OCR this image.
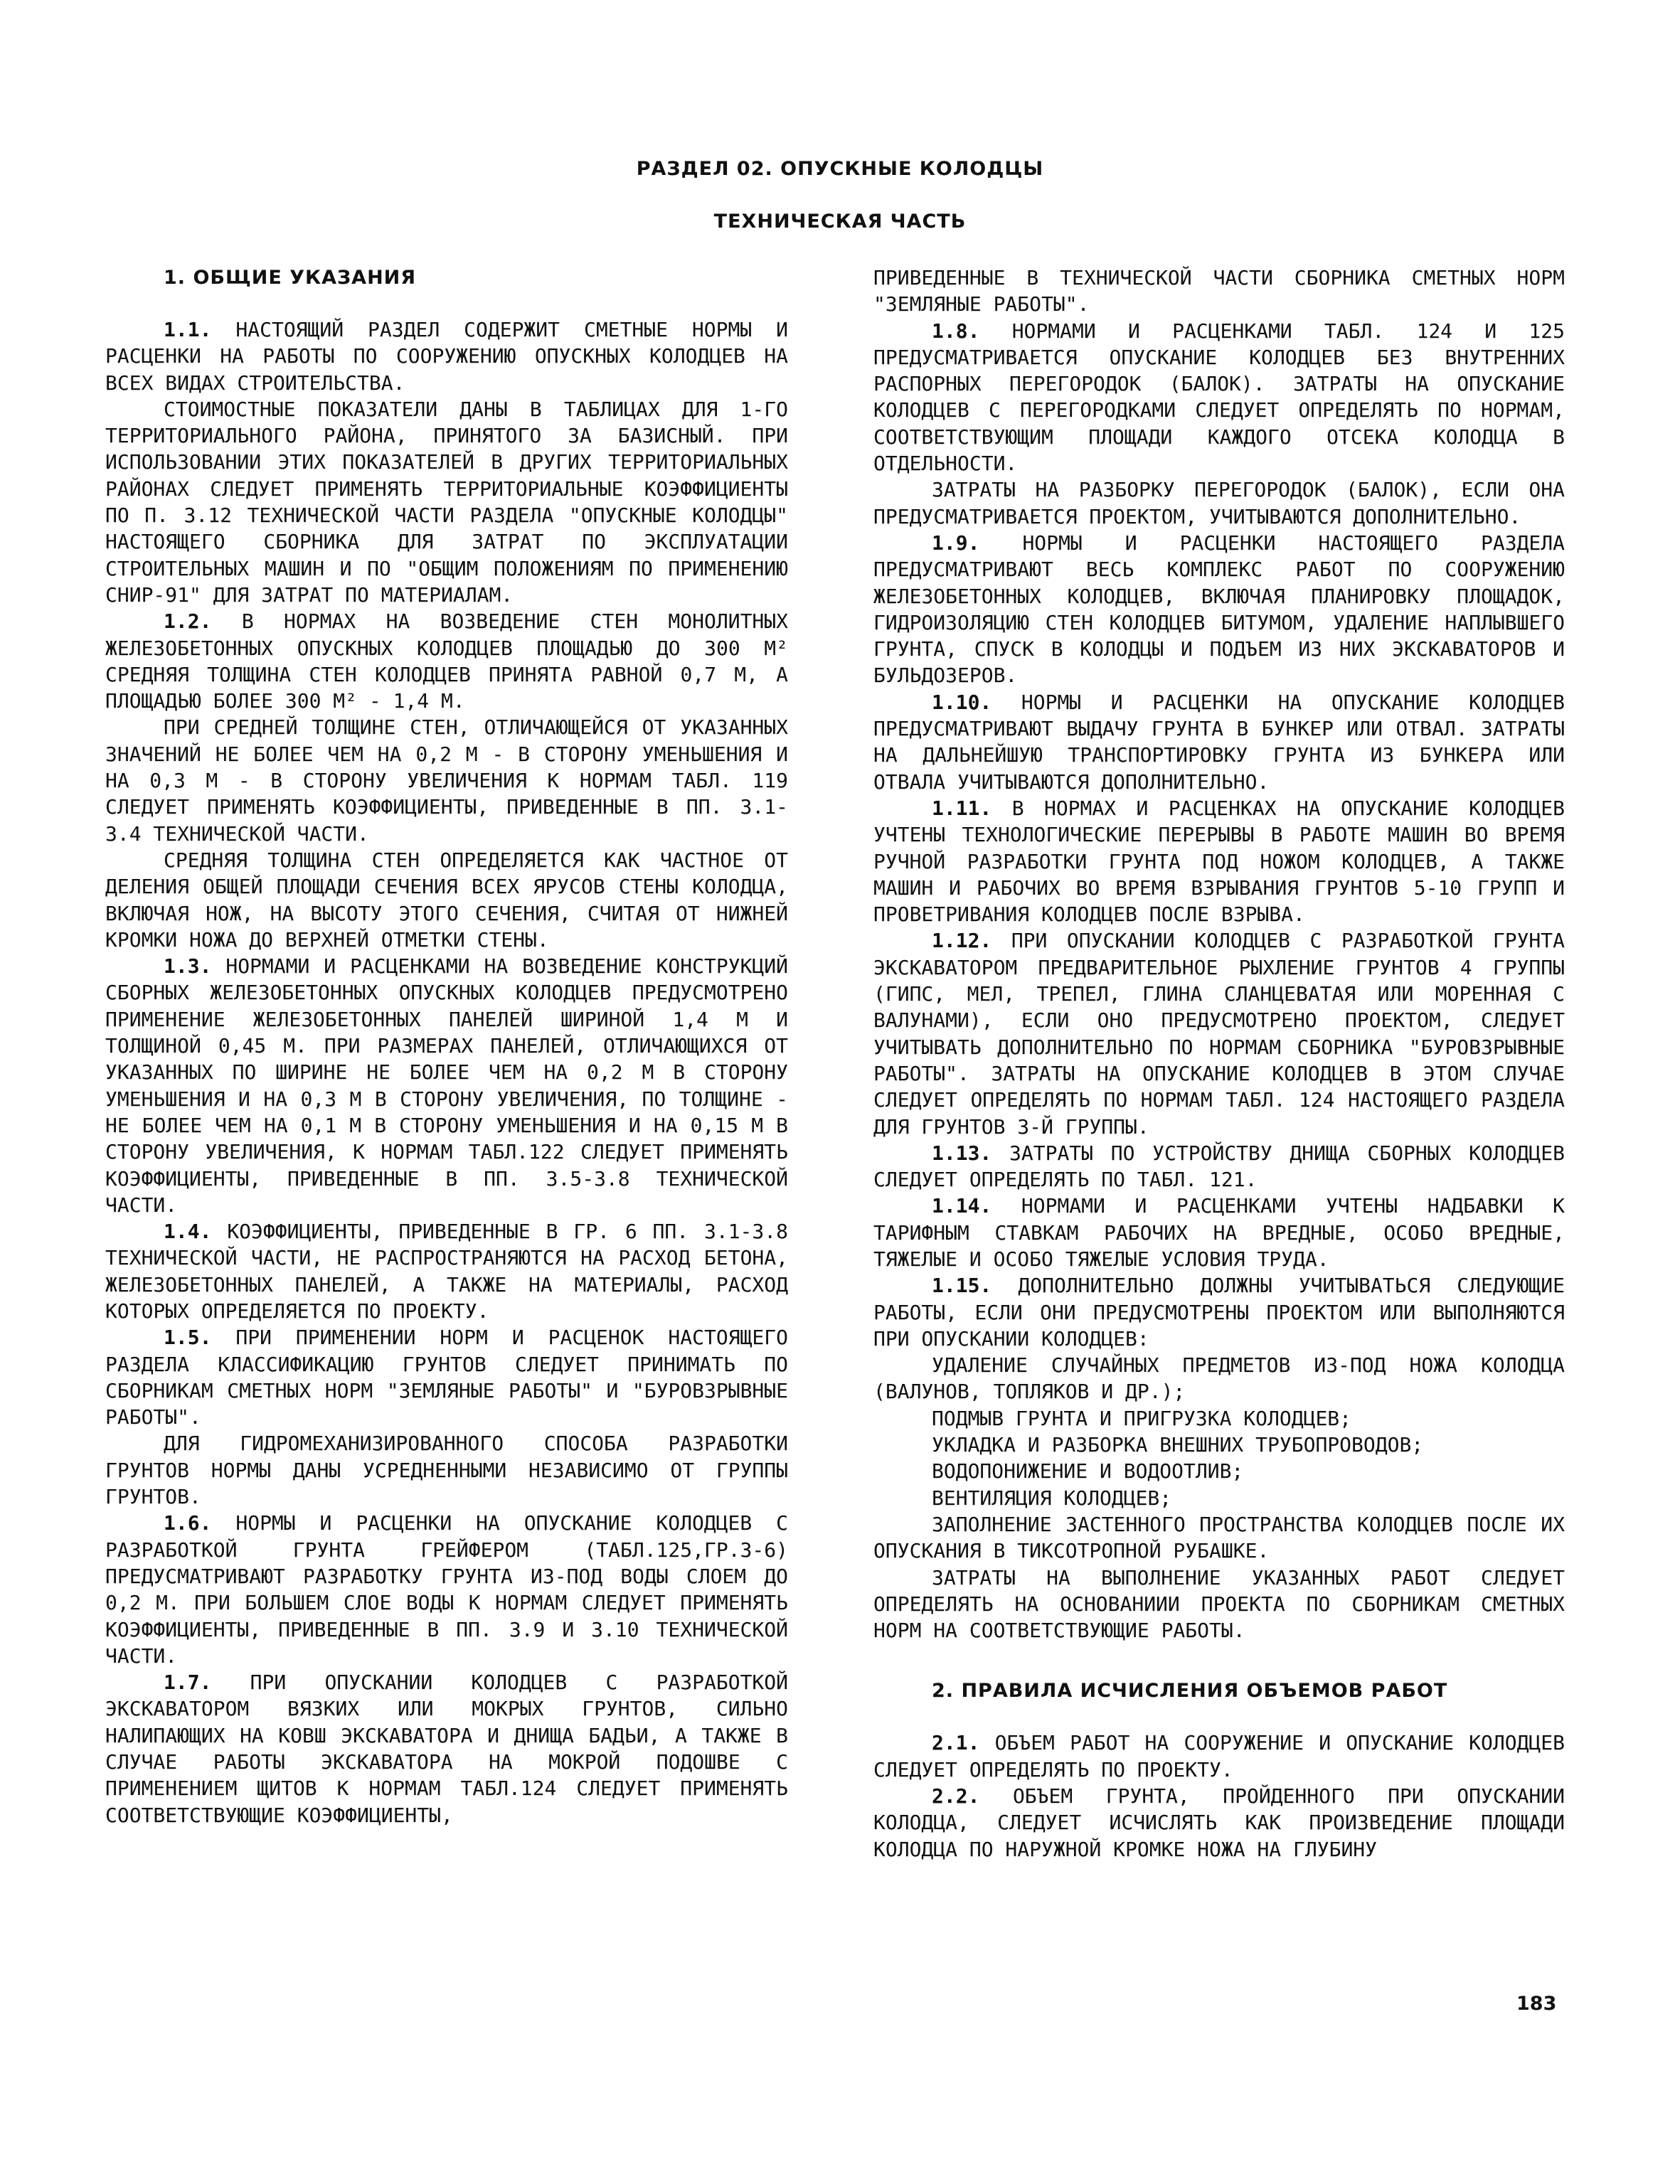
РАЗДЕЛ 02. ОПУСКНЫЕ КОЛОДЦЫ
ТЕХНИЧЕСКАЯ ЧАСТЬ
1. ОБЩИЕ УКАЗАНИЯ

1.1. НАСТОЯЩИЙ РАЗДЕЛ СОДЕРЖИТ СМЕТНЫЕ НОРМЫ И РАСЦЕНКИ НА РАБОТЫ ПО СООРУЖЕНИЮ ОПУСКНЫХ КОЛОДЦЕВ НА ВСЕХ ВИДАХ СТРОИТЕЛЬСТВА.

СТОИМОСТНЫЕ ПОКАЗАТЕЛИ ДАНЫ В ТАБЛИЦАХ ДЛЯ 1-ГО ТЕРРИТОРИАЛЬНОГО РАЙОНА, ПРИНЯТОГО ЗА БАЗИСНЫЙ. ПРИ ИСПОЛЬЗОВАНИИ ЭТИХ ПОКАЗАТЕЛЕЙ В ДРУГИХ ТЕРРИТОРИАЛЬНЫХ РАЙОНАХ СЛЕДУЕТ ПРИМЕНЯТЬ ТЕРРИТОРИАЛЬНЫЕ КОЭФФИЦИЕНТЫ ПО П. 3.12 ТЕХНИЧЕСКОЙ ЧАСТИ РАЗДЕЛА "ОПУСКНЫЕ КОЛОДЦЫ" НАСТОЯЩЕГО СБОРНИКА ДЛЯ ЗАТРАТ ПО ЭКСПЛУАТАЦИИ СТРОИТЕЛЬНЫХ МАШИН И ПО "ОБЩИМ ПОЛОЖЕНИЯМ ПО ПРИМЕНЕНИЮ СНИР-91" ДЛЯ ЗАТРАТ ПО МАТЕРИАЛАМ.

1.2. В НОРМАХ НА ВОЗВЕДЕНИЕ СТЕН МОНОЛИТНЫХ ЖЕЛЕЗОБЕТОННЫХ ОПУСКНЫХ КОЛОДЦЕВ ПЛОЩАДЬЮ ДО 300 М² СРЕДНЯЯ ТОЛЩИНА СТЕН КОЛОДЦЕВ ПРИНЯТА РАВНОЙ 0,7 М, А ПЛОЩАДЬЮ БОЛЕЕ 300 М² - 1,4 М.

ПРИ СРЕДНЕЙ ТОЛЩИНЕ СТЕН, ОТЛИЧАЮЩЕЙСЯ ОТ УКАЗАННЫХ ЗНАЧЕНИЙ НЕ БОЛЕЕ ЧЕМ НА 0,2 М - В СТОРОНУ УМЕНЬШЕНИЯ И НА 0,3 М - В СТОРОНУ УВЕЛИЧЕНИЯ К НОРМАМ ТАБЛ. 119 СЛЕДУЕТ ПРИМЕНЯТЬ КОЭФФИЦИЕНТЫ, ПРИВЕДЕННЫЕ В ПП. 3.1-3.4 ТЕХНИЧЕСКОЙ ЧАСТИ.

СРЕДНЯЯ ТОЛЩИНА СТЕН ОПРЕДЕЛЯЕТСЯ КАК ЧАСТНОЕ ОТ ДЕЛЕНИЯ ОБЩЕЙ ПЛОЩАДИ СЕЧЕНИЯ ВСЕХ ЯРУСОВ СТЕНЫ КОЛОДЦА, ВКЛЮЧАЯ НОЖ, НА ВЫСОТУ ЭТОГО СЕЧЕНИЯ, СЧИТАЯ ОТ НИЖНЕЙ КРОМКИ НОЖА ДО ВЕРХНЕЙ ОТМЕТКИ СТЕНЫ.

1.3. НОРМАМИ И РАСЦЕНКАМИ НА ВОЗВЕДЕНИЕ КОНСТРУКЦИЙ СБОРНЫХ ЖЕЛЕЗОБЕТОННЫХ ОПУСКНЫХ КОЛОДЦЕВ ПРЕДУСМОТРЕНО ПРИМЕНЕНИЕ ЖЕЛЕЗОБЕТОННЫХ ПАНЕЛЕЙ ШИРИНОЙ 1,4 М И ТОЛЩИНОЙ 0,45 М. ПРИ РАЗМЕРАХ ПАНЕЛЕЙ, ОТЛИЧАЮЩИХСЯ ОТ УКАЗАННЫХ ПО ШИРИНЕ НЕ БОЛЕЕ ЧЕМ НА 0,2 М В СТОРОНУ УМЕНЬШЕНИЯ И НА 0,3 М В СТОРОНУ УВЕЛИЧЕНИЯ, ПО ТОЛЩИНЕ - НЕ БОЛЕЕ ЧЕМ НА 0,1 М В СТОРОНУ УМЕНЬШЕНИЯ И НА 0,15 М В СТОРОНУ УВЕЛИЧЕНИЯ, К НОРМАМ ТАБЛ.122 СЛЕДУЕТ ПРИМЕНЯТЬ КОЭФФИЦИЕНТЫ, ПРИВЕДЕННЫЕ В ПП. 3.5-3.8 ТЕХНИЧЕСКОЙ ЧАСТИ.

1.4. КОЭФФИЦИЕНТЫ, ПРИВЕДЕННЫЕ В ГР. 6 ПП. 3.1-3.8 ТЕХНИЧЕСКОЙ ЧАСТИ, НЕ РАСПРОСТРАНЯЮТСЯ НА РАСХОД БЕТОНА, ЖЕЛЕЗОБЕТОННЫХ ПАНЕЛЕЙ, А ТАКЖЕ НА МАТЕРИАЛЫ, РАСХОД КОТОРЫХ ОПРЕДЕЛЯЕТСЯ ПО ПРОЕКТУ.

1.5. ПРИ ПРИМЕНЕНИИ НОРМ И РАСЦЕНОК НАСТОЯЩЕГО РАЗДЕЛА КЛАССИФИКАЦИЮ ГРУНТОВ СЛЕДУЕТ ПРИНИМАТЬ ПО СБОРНИКАМ СМЕТНЫХ НОРМ "ЗЕМЛЯНЫЕ РАБОТЫ" И "БУРОВЗРЫВНЫЕ РАБОТЫ".

ДЛЯ ГИДРОМЕХАНИЗИРОВАННОГО СПОСОБА РАЗРАБОТКИ ГРУНТОВ НОРМЫ ДАНЫ УСРЕДНЕННЫМИ НЕЗАВИСИМО ОТ ГРУППЫ ГРУНТОВ.

1.6. НОРМЫ И РАСЦЕНКИ НА ОПУСКАНИЕ КОЛОДЦЕВ С РАЗРАБОТКОЙ ГРУНТА ГРЕЙФЕРОМ (ТАБЛ.125,ГР.3-6) ПРЕДУСМАТРИВАЮТ РАЗРАБОТКУ ГРУНТА ИЗ-ПОД ВОДЫ СЛОЕМ ДО 0,2 М. ПРИ БОЛЬШЕМ СЛОЕ ВОДЫ К НОРМАМ СЛЕДУЕТ ПРИМЕНЯТЬ КОЭФФИЦИЕНТЫ, ПРИВЕДЕННЫЕ В ПП. 3.9 И 3.10 ТЕХНИЧЕСКОЙ ЧАСТИ.

1.7. ПРИ ОПУСКАНИИ КОЛОДЦЕВ С РАЗРАБОТКОЙ ЭКСКАВАТОРОМ ВЯЗКИХ ИЛИ МОКРЫХ ГРУНТОВ, СИЛЬНО НАЛИПАЮЩИХ НА КОВШ ЭКСКАВАТОРА И ДНИЩА БАДЬИ, А ТАКЖЕ В СЛУЧАЕ РАБОТЫ ЭКСКАВАТОРА НА МОКРОЙ ПОДОШВЕ С ПРИМЕНЕНИЕМ ЩИТОВ К НОРМАМ ТАБЛ.124 СЛЕДУЕТ ПРИМЕНЯТЬ СООТВЕТСТВУЮЩИЕ КОЭФФИЦИЕНТЫ,

ПРИВЕДЕННЫЕ В ТЕХНИЧЕСКОЙ ЧАСТИ СБОРНИКА СМЕТНЫХ НОРМ "ЗЕМЛЯНЫЕ РАБОТЫ".

1.8. НОРМАМИ И РАСЦЕНКАМИ ТАБЛ. 124 И 125 ПРЕДУСМАТРИВАЕТСЯ ОПУСКАНИЕ КОЛОДЦЕВ БЕЗ ВНУТРЕННИХ РАСПОРНЫХ ПЕРЕГОРОДОК (БАЛОК). ЗАТРАТЫ НА ОПУСКАНИЕ КОЛОДЦЕВ С ПЕРЕГОРОДКАМИ СЛЕДУЕТ ОПРЕДЕЛЯТЬ ПО НОРМАМ, СООТВЕТСТВУЮЩИМ ПЛОЩАДИ КАЖДОГО ОТСЕКА КОЛОДЦА В ОТДЕЛЬНОСТИ.

ЗАТРАТЫ НА РАЗБОРКУ ПЕРЕГОРОДОК (БАЛОК), ЕСЛИ ОНА ПРЕДУСМАТРИВАЕТСЯ ПРОЕКТОМ, УЧИТЫВАЮТСЯ ДОПОЛНИТЕЛЬНО.

1.9. НОРМЫ И РАСЦЕНКИ НАСТОЯЩЕГО РАЗДЕЛА ПРЕДУСМАТРИВАЮТ ВЕСЬ КОМПЛЕКС РАБОТ ПО СООРУЖЕНИЮ ЖЕЛЕЗОБЕТОННЫХ КОЛОДЦЕВ, ВКЛЮЧАЯ ПЛАНИРОВКУ ПЛОЩАДОК, ГИДРОИЗОЛЯЦИЮ СТЕН КОЛОДЦЕВ БИТУМОМ, УДАЛЕНИЕ НАПЛЫВШЕГО ГРУНТА, СПУСК В КОЛОДЦЫ И ПОДЪЕМ ИЗ НИХ ЭКСКАВАТОРОВ И БУЛЬДОЗЕРОВ.

1.10. НОРМЫ И РАСЦЕНКИ НА ОПУСКАНИЕ КОЛОДЦЕВ ПРЕДУСМАТРИВАЮТ ВЫДАЧУ ГРУНТА В БУНКЕР ИЛИ ОТВАЛ. ЗАТРАТЫ НА ДАЛЬНЕЙШУЮ ТРАНСПОРТИРОВКУ ГРУНТА ИЗ БУНКЕРА ИЛИ ОТВАЛА УЧИТЫВАЮТСЯ ДОПОЛНИТЕЛЬНО.

1.11. В НОРМАХ И РАСЦЕНКАХ НА ОПУСКАНИЕ КОЛОДЦЕВ УЧТЕНЫ ТЕХНОЛОГИЧЕСКИЕ ПЕРЕРЫВЫ В РАБОТЕ МАШИН ВО ВРЕМЯ РУЧНОЙ РАЗРАБОТКИ ГРУНТА ПОД НОЖОМ КОЛОДЦЕВ, А ТАКЖЕ МАШИН И РАБОЧИХ ВО ВРЕМЯ ВЗРЫВАНИЯ ГРУНТОВ 5-10 ГРУПП И ПРОВЕТРИВАНИЯ КОЛОДЦЕВ ПОСЛЕ ВЗРЫВА.

1.12. ПРИ ОПУСКАНИИ КОЛОДЦЕВ С РАЗРАБОТКОЙ ГРУНТА ЭКСКАВАТОРОМ ПРЕДВАРИТЕЛЬНОЕ РЫХЛЕНИЕ ГРУНТОВ 4 ГРУППЫ (ГИПС, МЕЛ, ТРЕПЕЛ, ГЛИНА СЛАНЦЕВАТАЯ ИЛИ МОРЕННАЯ С ВАЛУНАМИ), ЕСЛИ ОНО ПРЕДУСМОТРЕНО ПРОЕКТОМ, СЛЕДУЕТ УЧИТЫВАТЬ ДОПОЛНИТЕЛЬНО ПО НОРМАМ СБОРНИКА "БУРОВЗРЫВНЫЕ РАБОТЫ". ЗАТРАТЫ НА ОПУСКАНИЕ КОЛОДЦЕВ В ЭТОМ СЛУЧАЕ СЛЕДУЕТ ОПРЕДЕЛЯТЬ ПО НОРМАМ ТАБЛ. 124 НАСТОЯЩЕГО РАЗДЕЛА ДЛЯ ГРУНТОВ 3-Й ГРУППЫ.

1.13. ЗАТРАТЫ ПО УСТРОЙСТВУ ДНИЩА СБОРНЫХ КОЛОДЦЕВ СЛЕДУЕТ ОПРЕДЕЛЯТЬ ПО ТАБЛ. 121.

1.14. НОРМАМИ И РАСЦЕНКАМИ УЧТЕНЫ НАДБАВКИ К ТАРИФНЫМ СТАВКАМ РАБОЧИХ НА ВРЕДНЫЕ, ОСОБО ВРЕДНЫЕ, ТЯЖЕЛЫЕ И ОСОБО ТЯЖЕЛЫЕ УСЛОВИЯ ТРУДА.

1.15. ДОПОЛНИТЕЛЬНО ДОЛЖНЫ УЧИТЫВАТЬСЯ СЛЕДУЮЩИЕ РАБОТЫ, ЕСЛИ ОНИ ПРЕДУСМОТРЕНЫ ПРОЕКТОМ ИЛИ ВЫПОЛНЯЮТСЯ ПРИ ОПУСКАНИИ КОЛОДЦЕВ:

УДАЛЕНИЕ СЛУЧАЙНЫХ ПРЕДМЕТОВ ИЗ-ПОД НОЖА КОЛОДЦА (ВАЛУНОВ, ТОПЛЯКОВ И ДР.);

ПОДМЫВ ГРУНТА И ПРИГРУЗКА КОЛОДЦЕВ;

УКЛАДКА И РАЗБОРКА ВНЕШНИХ ТРУБОПРОВОДОВ;

ВОДОПОНИЖЕНИЕ И ВОДООТЛИВ;

ВЕНТИЛЯЦИЯ КОЛОДЦЕВ;

ЗАПОЛНЕНИЕ ЗАСТЕННОГО ПРОСТРАНСТВА КОЛОДЦЕВ ПОСЛЕ ИХ ОПУСКАНИЯ В ТИКСОТРОПНОЙ РУБАШКЕ.

ЗАТРАТЫ НА ВЫПОЛНЕНИЕ УКАЗАННЫХ РАБОТ СЛЕДУЕТ ОПРЕДЕЛЯТЬ НА ОСНОВАНИИИ ПРОЕКТА ПО СБОРНИКАМ СМЕТНЫХ НОРМ НА СООТВЕТСТВУЮЩИЕ РАБОТЫ.

2. ПРАВИЛА ИСЧИСЛЕНИЯ ОБЪЕМОВ РАБОТ

2.1. ОБЪЕМ РАБОТ НА СООРУЖЕНИЕ И ОПУСКАНИЕ КОЛОДЦЕВ СЛЕДУЕТ ОПРЕДЕЛЯТЬ ПО ПРОЕКТУ.

2.2. ОБЪЕМ ГРУНТА, ПРОЙДЕННОГО ПРИ ОПУСКАНИИ КОЛОДЦА, СЛЕДУЕТ ИСЧИСЛЯТЬ КАК ПРОИЗВЕДЕНИЕ ПЛОЩАДИ КОЛОДЦА ПО НАРУЖНОЙ КРОМКЕ НОЖА НА ГЛУБИНУ

183
